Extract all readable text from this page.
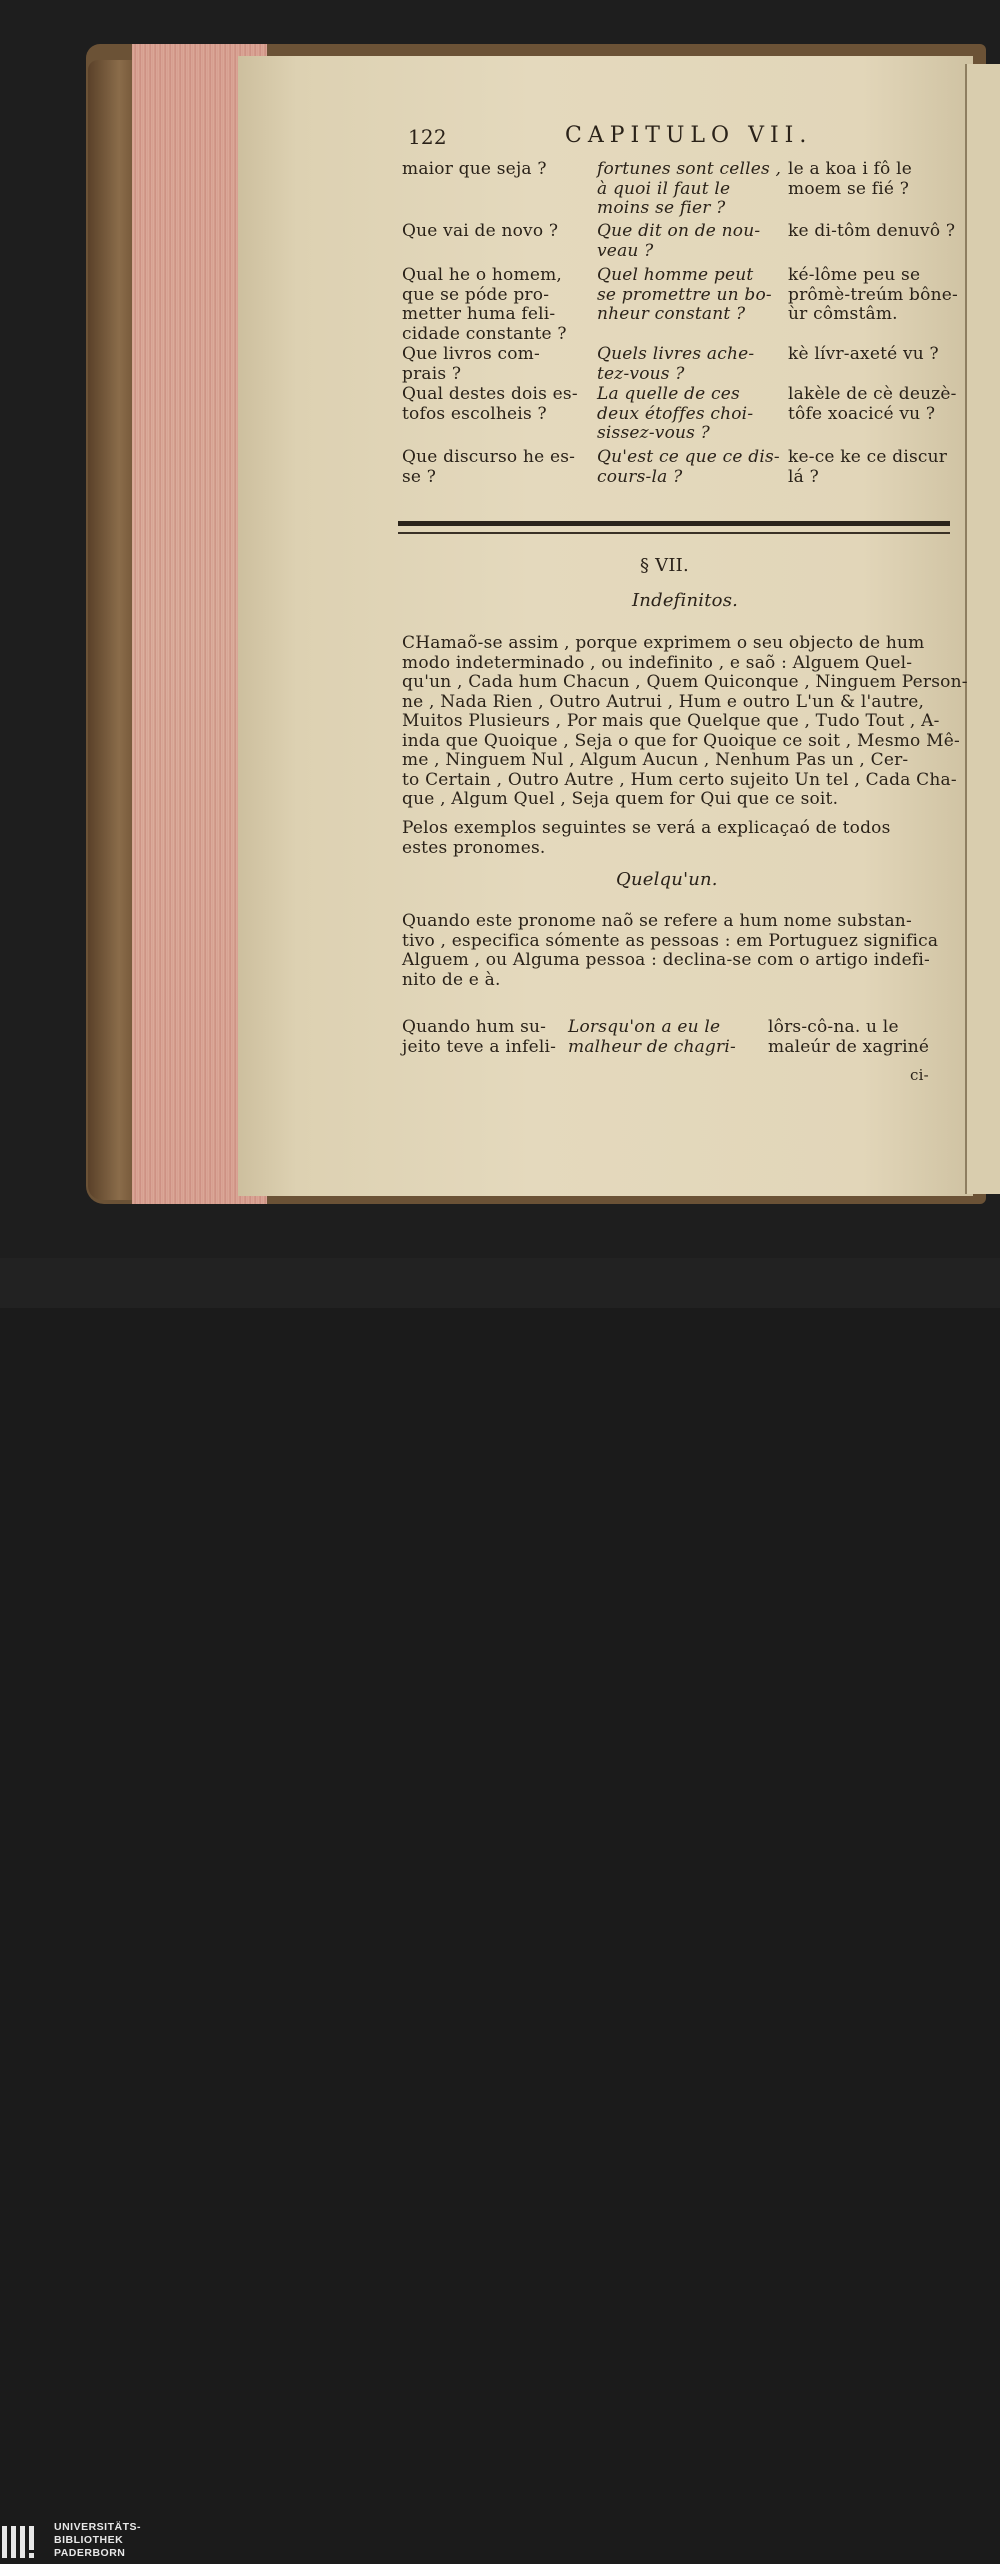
122	CAPITULO VII.
maior que seja ?	fortunes sont celles ,
à quoi il faut le
moins se fier ?
le a koa i fô le
moem se fié ?
Que vai de novo ? Que dit on de nou-
veau ?
ke di-tôm denuvô ?
Qual he o homem,
que se póde pro-
metter huma feli-
cidade constante ?
Quel homme peut
se promettre un bo-
nheur constant ?
ké-lôme peu se
prômè-treúm bône-
ùr cômstâm.
Que livros com-
prais ?
Quels livres ache-
tez-vous ?
kè lívr-axeté vu ?
Qual destes dois es-
tofos escolheis ?
La quelle de ces
deux étoffes choi-
sissez-vous ?
lakèle de cè deuzè-
tôfe xoacicé vu ?
Que discurso he es-
se ?
Qu'est ce que ce dis-
cours-la ?
ke-ce ke ce discur
lá ?
§ VII.
Indefinitos.
CHamaõ-se assim , porque exprimem o seu objecto de hum
modo indeterminado , ou indefinito , e saõ : Alguem Quel-
qu'un , Cada hum Chacun , Quem Quiconque , Ninguem Person-
ne , Nada Rien , Outro Autrui , Hum e outro L'un & l'autre,
Muitos Plusieurs , Por mais que Quelque que , Tudo Tout , A-
inda que Quoique , Seja o que for Quoique ce soit , Mesmo Mê-
me , Ninguem Nul , Algum Aucun , Nenhum Pas un , Cer-
to Certain , Outro Autre , Hum certo sujeito Un tel , Cada Cha-
que , Algum Quel , Seja quem for Qui que ce soit.
Pelos exemplos seguintes se verá a explicaçaó de todos
estes pronomes.
Quelqu'un.
Quando este pronome naõ se refere a hum nome substan-
tivo , especifica sómente as pessoas : em Portuguez significa
Alguem , ou Alguma pessoa : declina-se com o artigo indefi-
nito de e à.
Quando hum su-
jeito teve a infeli-
Lorsqu'on a eu le
malheur de chagri-
lôrs-cô-na. u le
maleúr de xagriné
ci-
UNIVERSITÄTS-
BIBLIOTHEK
PADERBORN
